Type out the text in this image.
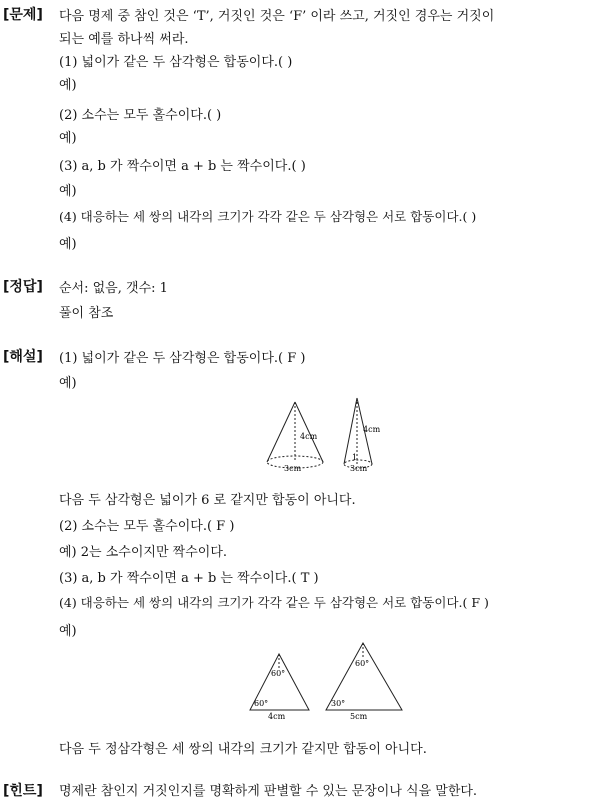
[문제] 다음 명제 중 참인 것은 ‘T’, 거짓인 것은 ‘F’ 이라 쓰고, 거짓인 경우는 거짓이
되는 예를 하나씩 써라.
(1) 넓이가 같은 두 삼각형은 합동이다.( )
예)
(2) 소수는 모두 홀수이다.( )
예)
(3) a, b 가 짝수이면 a + b 는 짝수이다.( )
예)
(4) 대응하는 세 쌍의 내각의 크기가 각각 같은 두 삼각형은 서로 합동이다.( )
예)
[정답] 순서: 없음, 갯수: 1
풀이 참조
[해설] (1) 넓이가 같은 두 삼각형은 합동이다.( F )
예)
4cm
3cm
4cm
1
3cm
다음 두 삼각형은 넓이가 6 로 같지만 합동이 아니다.
(2) 소수는 모두 홀수이다.( F )
예) 2는 소수이지만 짝수이다.
(3) a, b 가 짝수이면 a + b 는 짝수이다.( T )
(4) 대응하는 세 쌍의 내각의 크기가 각각 같은 두 삼각형은 서로 합동이다.( F )
예)
60°
60°
4cm
60°
30°
5cm
다음 두 정삼각형은 세 쌍의 내각의 크기가 같지만 합동이 아니다.
[힌트] 명제란 참인지 거짓인지를 명확하게 판별할 수 있는 문장이나 식을 말한다.
